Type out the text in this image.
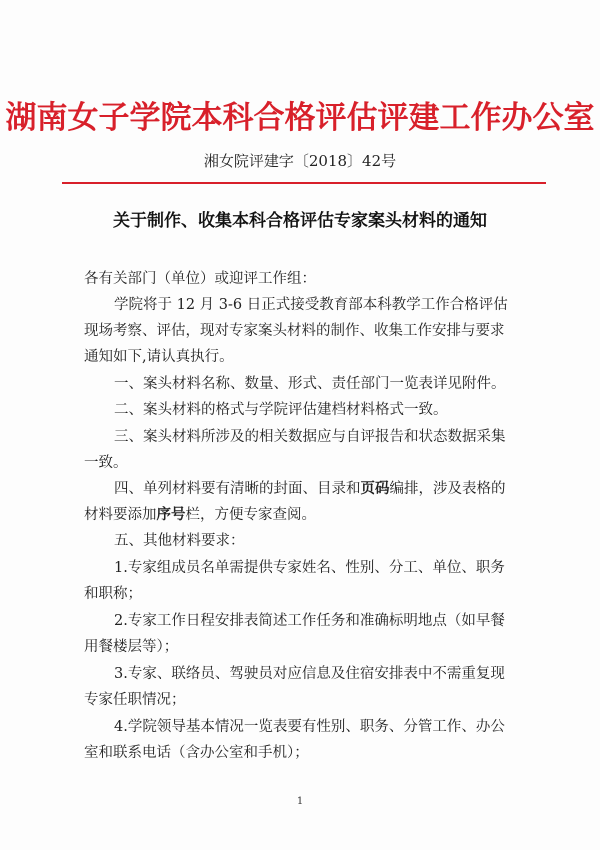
湖南女子学院本科合格评估评建工作办公室
湘女院评建字〔2018〕42号
关于制作、收集本科合格评估专家案头材料的通知
各有关部门（单位）或迎评工作组：
学院将于 12 月 3-6 日正式接受教育部本科教学工作合格评估
现场考察、评估，现对专家案头材料的制作、收集工作安排与要求
通知如下,请认真执行。
一、案头材料名称、数量、形式、责任部门一览表详见附件。
二、案头材料的格式与学院评估建档材料格式一致。
三、案头材料所涉及的相关数据应与自评报告和状态数据采集
一致。
四、单列材料要有清晰的封面、目录和页码编排，涉及表格的
材料要添加序号栏，方便专家查阅。
五、其他材料要求：
1.专家组成员名单需提供专家姓名、性别、分工、单位、职务
和职称；
2.专家工作日程安排表简述工作任务和准确标明地点（如早餐
用餐楼层等）；
3.专家、联络员、驾驶员对应信息及住宿安排表中不需重复现
专家任职情况；
4.学院领导基本情况一览表要有性别、职务、分管工作、办公
室和联系电话（含办公室和手机）；
1
